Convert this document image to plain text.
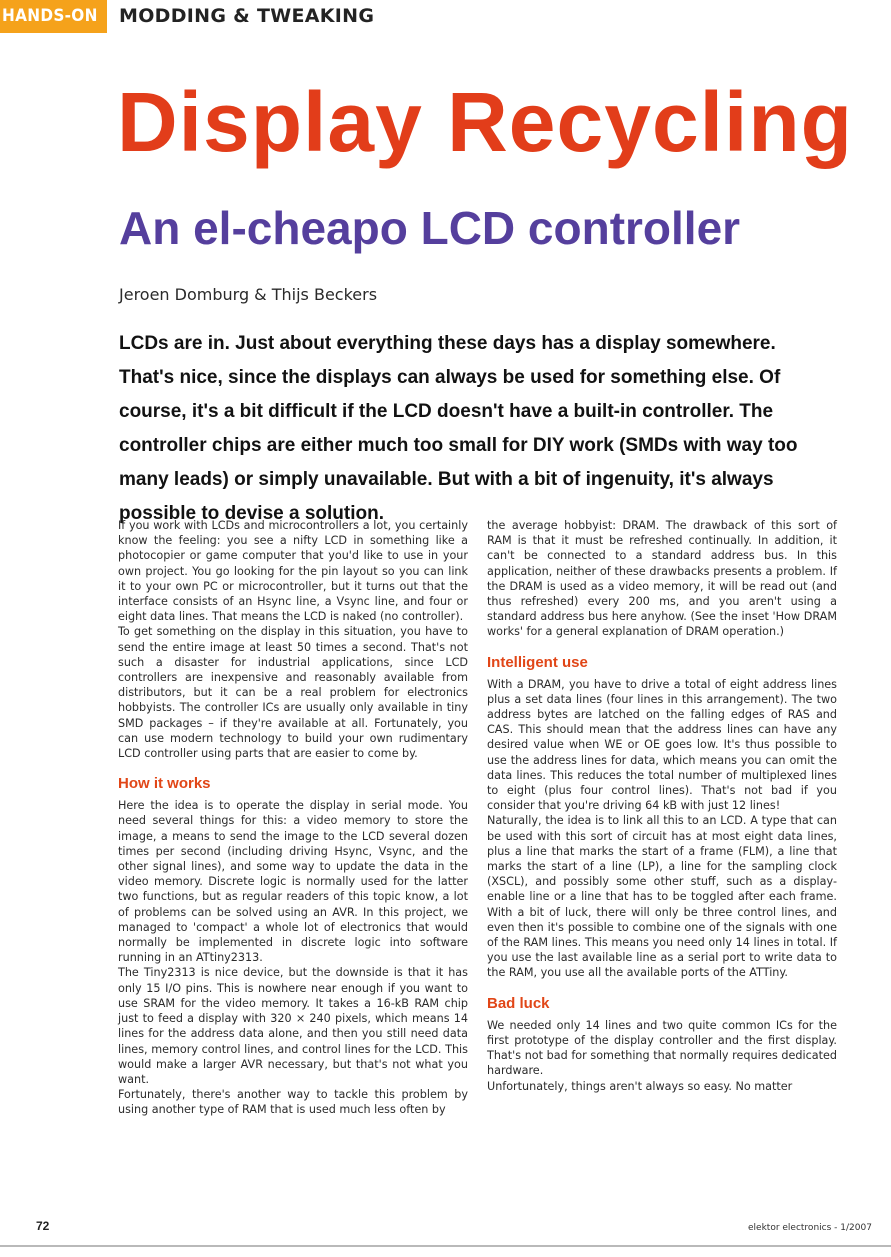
HANDS-ON	MODDING & TWEAKING
Display Recycling
An el-cheapo LCD controller
Jeroen Domburg & Thijs Beckers
LCDs are in. Just about everything these days has a display somewhere. That's nice, since the displays can always be used for something else. Of course, it's a bit difficult if the LCD doesn't have a built-in controller. The controller chips are either much too small for DIY work (SMDs with way too many leads) or simply unavailable. But with a bit of ingenuity, it's always possible to devise a solution.

If you work with LCDs and microcontrollers a lot, you certainly know the feeling: you see a nifty LCD in something like a photocopier or game computer that you'd like to use in your own project. You go looking for the pin layout so you can link it to your own PC or microcontroller, but it turns out that the interface consists of an Hsync line, a Vsync line, and four or eight data lines. That means the LCD is naked (no controller).

To get something on the display in this situation, you have to send the entire image at least 50 times a second. That's not such a disaster for industrial applications, since LCD controllers are inexpensive and reasonably available from distributors, but it can be a real problem for electronics hobbyists. The controller ICs are usually only available in tiny SMD packages – if they're available at all. Fortunately, you can use modern technology to build your own rudimentary LCD controller using parts that are easier to come by.

How it works

Here the idea is to operate the display in serial mode. You need several things for this: a video memory to store the image, a means to send the image to the LCD several dozen times per second (including driving Hsync, Vsync, and the other signal lines), and some way to update the data in the video memory. Discrete logic is normally used for the latter two functions, but as regular readers of this topic know, a lot of problems can be solved using an AVR. In this project, we managed to 'compact' a whole lot of electronics that would normally be implemented in discrete logic into software running in an ATtiny2313.

The Tiny2313 is nice device, but the downside is that it has only 15 I/O pins. This is nowhere near enough if you want to use SRAM for the video memory. It takes a 16-kB RAM chip just to feed a display with 320 × 240 pixels, which means 14 lines for the address data alone, and then you still need data lines, memory control lines, and control lines for the LCD. This would make a larger AVR necessary, but that's not what you want.

Fortunately, there's another way to tackle this problem by using another type of RAM that is used much less often by

the average hobbyist: DRAM. The drawback of this sort of RAM is that it must be refreshed continually. In addition, it can't be connected to a standard address bus. In this application, neither of these drawbacks presents a problem. If the DRAM is used as a video memory, it will be read out (and thus refreshed) every 200 ms, and you aren't using a standard address bus here anyhow. (See the inset 'How DRAM works' for a general explanation of DRAM operation.)

Intelligent use

With a DRAM, you have to drive a total of eight address lines plus a set data lines (four lines in this arrangement). The two address bytes are latched on the falling edges of RAS and CAS. This should mean that the address lines can have any desired value when WE or OE goes low. It's thus possible to use the address lines for data, which means you can omit the data lines. This reduces the total number of multiplexed lines to eight (plus four control lines). That's not bad if you consider that you're driving 64 kB with just 12 lines!

Naturally, the idea is to link all this to an LCD. A type that can be used with this sort of circuit has at most eight data lines, plus a line that marks the start of a frame (FLM), a line that marks the start of a line (LP), a line for the sampling clock (XSCL), and possibly some other stuff, such as a display-enable line or a line that has to be toggled after each frame. With a bit of luck, there will only be three control lines, and even then it's possible to combine one of the signals with one of the RAM lines. This means you need only 14 lines in total. If you use the last available line as a serial port to write data to the RAM, you use all the available ports of the ATTiny.

Bad luck

We needed only 14 lines and two quite common ICs for the first prototype of the display controller and the first display. That's not bad for something that normally requires dedicated hardware.

Unfortunately, things aren't always so easy. No matter

72	elektor electronics - 1/2007
